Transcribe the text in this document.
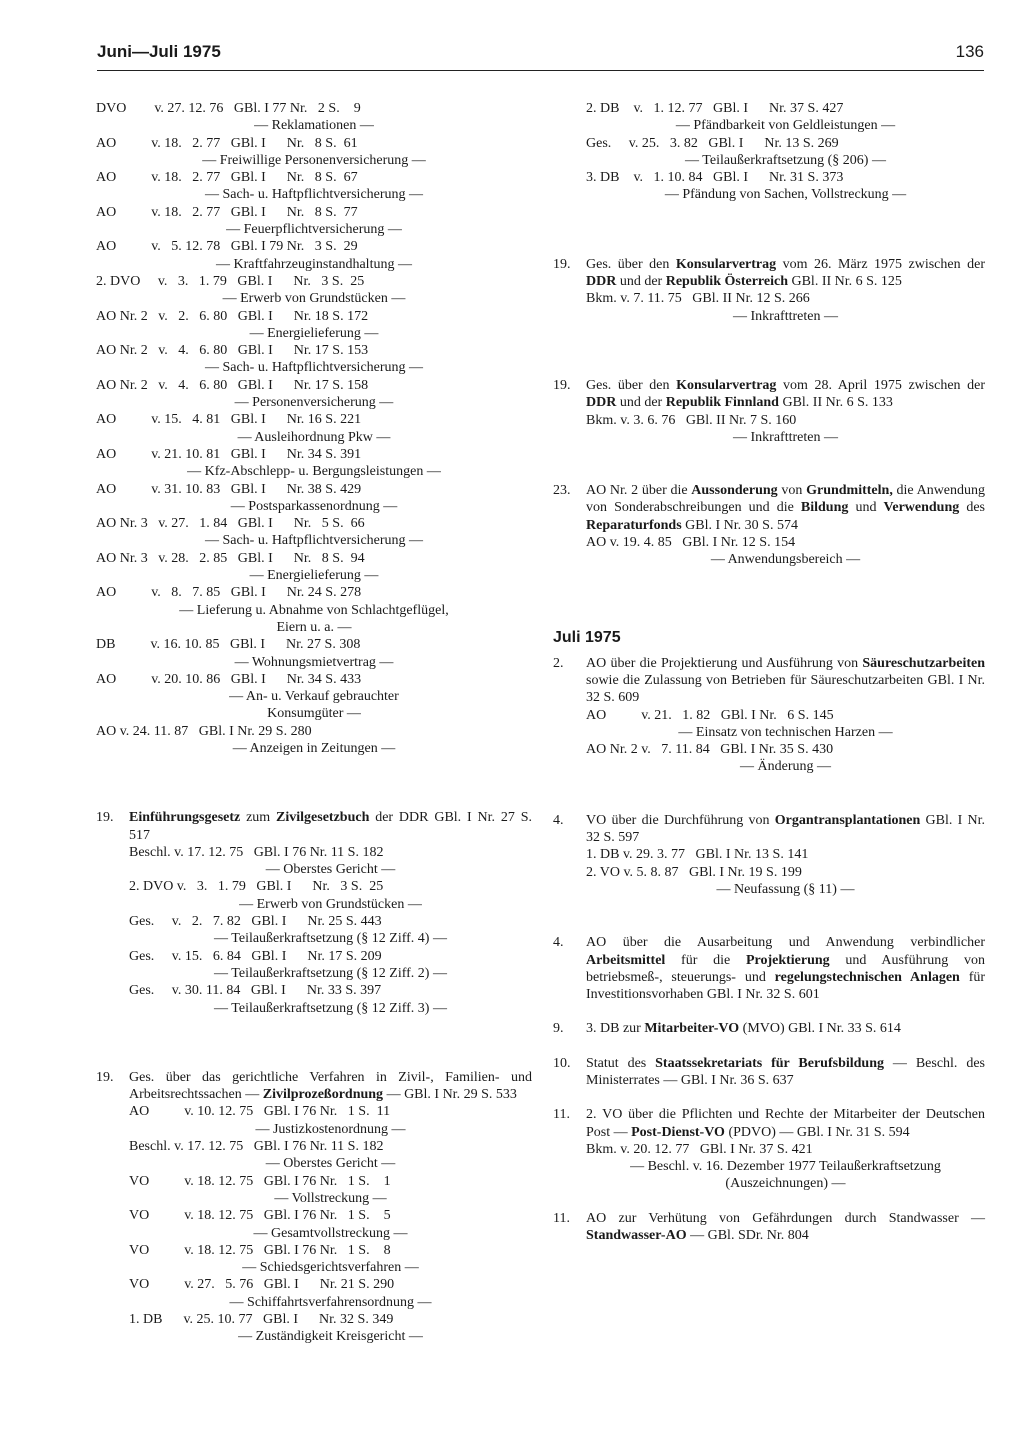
Juni—Juli 1975	136
DVO        v. 27. 12. 76   GBl. I 77 Nr.   2 S.    9
— Reklamationen —
AO          v. 18.   2. 77   GBl. I      Nr.   8 S.  61
— Freiwillige Personenversicherung —
AO          v. 18.   2. 77   GBl. I      Nr.   8 S.  67
— Sach- u. Haftpflichtversicherung —
AO          v. 18.   2. 77   GBl. I      Nr.   8 S.  77
— Feuerpflichtversicherung —
AO          v.   5. 12. 78   GBl. I 79 Nr.   3 S.  29
— Kraftfahrzeuginstandhaltung —
2. DVO     v.   3.   1. 79   GBl. I      Nr.   3 S.  25
— Erwerb von Grundstücken —
AO Nr. 2   v.   2.   6. 80   GBl. I      Nr. 18 S. 172
— Energielieferung —
AO Nr. 2   v.   4.   6. 80   GBl. I      Nr. 17 S. 153
— Sach- u. Haftpflichtversicherung —
AO Nr. 2   v.   4.   6. 80   GBl. I      Nr. 17 S. 158
— Personenversicherung —
AO          v. 15.   4. 81   GBl. I      Nr. 16 S. 221
— Ausleihordnung Pkw —
AO          v. 21. 10. 81   GBl. I      Nr. 34 S. 391
— Kfz-Abschlepp- u. Bergungsleistungen —
AO          v. 31. 10. 83   GBl. I      Nr. 38 S. 429
— Postsparkassenordnung —
AO Nr. 3   v. 27.   1. 84   GBl. I      Nr.   5 S.  66
— Sach- u. Haftpflichtversicherung —
AO Nr. 3   v. 28.   2. 85   GBl. I      Nr.   8 S.  94
— Energielieferung —
AO          v.   8.   7. 85   GBl. I      Nr. 24 S. 278
— Lieferung u. Abnahme von Schlachtgeflügel,
Eiern u. a. —
DB          v. 16. 10. 85   GBl. I      Nr. 27 S. 308
— Wohnungsmietvertrag —
AO          v. 20. 10. 86   GBl. I      Nr. 34 S. 433
— An- u. Verkauf gebrauchter
Konsumgüter —
AO v. 24. 11. 87   GBl. I Nr. 29 S. 280
— Anzeigen in Zeitungen —
19. Einführungsgesetz zum Zivilgesetzbuch der DDR GBl. I Nr. 27 S. 517
Beschl. v. 17. 12. 75   GBl. I 76 Nr. 11 S. 182
— Oberstes Gericht —
2. DVO v.   3.   1. 79   GBl. I      Nr.   3 S.  25
— Erwerb von Grundstücken —
Ges.     v.   2.   7. 82   GBl. I      Nr. 25 S. 443
— Teilaußerkraftsetzung (§ 12 Ziff. 4) —
Ges.     v. 15.   6. 84   GBl. I      Nr. 17 S. 209
— Teilaußerkraftsetzung (§ 12 Ziff. 2) —
Ges.     v. 30. 11. 84   GBl. I      Nr. 33 S. 397
— Teilaußerkraftsetzung (§ 12 Ziff. 3) —
19. Ges. über das gerichtliche Verfahren in Zivil-, Familien- und Arbeitsrechtssachen — Zivilprozeßordnung — GBl. I Nr. 29 S. 533
AO          v. 10. 12. 75   GBl. I 76 Nr.   1 S.  11
— Justizkostenordnung —
Beschl. v. 17. 12. 75   GBl. I 76 Nr. 11 S. 182
— Oberstes Gericht —
VO          v. 18. 12. 75   GBl. I 76 Nr.   1 S.    1
— Vollstreckung —
VO          v. 18. 12. 75   GBl. I 76 Nr.   1 S.    5
— Gesamtvollstreckung —
VO          v. 18. 12. 75   GBl. I 76 Nr.   1 S.    8
— Schiedsgerichtsverfahren —
VO          v. 27.   5. 76   GBl. I      Nr. 21 S. 290
— Schiffahrtsverfahrensordnung —
1. DB      v. 25. 10. 77   GBl. I      Nr. 32 S. 349
— Zuständigkeit Kreisgericht —
2. DB    v.   1. 12. 77   GBl. I      Nr. 37 S. 427
— Pfändbarkeit von Geldleistungen —
Ges.     v. 25.   3. 82   GBl. I      Nr. 13 S. 269
— Teilaußerkraftsetzung (§ 206) —
3. DB    v.   1. 10. 84   GBl. I      Nr. 31 S. 373
— Pfändung von Sachen, Vollstreckung —
19. Ges. über den Konsularvertrag vom 26. März 1975 zwischen der DDR und der Republik Österreich GBl. II Nr. 6 S. 125
Bkm. v. 7. 11. 75   GBl. II Nr. 12 S. 266
— Inkrafttreten —
19. Ges. über den Konsularvertrag vom 28. April 1975 zwischen der DDR und der Republik Finnland GBl. II Nr. 6 S. 133
Bkm. v. 3. 6. 76   GBl. II Nr. 7 S. 160
— Inkrafttreten —
23. AO Nr. 2 über die Aussonderung von Grundmitteln, die Anwendung von Sonderabschreibungen und die Bildung und Verwendung des Reparaturfonds GBl. I Nr. 30 S. 574
AO v. 19. 4. 85   GBl. I Nr. 12 S. 154
— Anwendungsbereich —
Juli 1975
2. AO über die Projektierung und Ausführung von Säureschutzarbeiten sowie die Zulassung von Betrieben für Säureschutzarbeiten GBl. I Nr. 32 S. 609
AO          v. 21.   1. 82   GBl. I Nr.   6 S. 145
— Einsatz von technischen Harzen —
AO Nr. 2 v.   7. 11. 84   GBl. I Nr. 35 S. 430
— Änderung —
4. VO über die Durchführung von Organtransplantationen GBl. I Nr. 32 S. 597
1. DB v. 29. 3. 77   GBl. I Nr. 13 S. 141
2. VO v. 5. 8. 87   GBl. I Nr. 19 S. 199
— Neufassung (§ 11) —
4. AO über die Ausarbeitung und Anwendung verbindlicher Arbeitsmittel für die Projektierung und Ausführung von betriebsmeß-, steuerungs- und regelungstechnischen Anlagen für Investitionsvorhaben GBl. I Nr. 32 S. 601
9. 3. DB zur Mitarbeiter-VO (MVO) GBl. I Nr. 33 S. 614
10. Statut des Staatssekretariats für Berufsbildung — Beschl. des Ministerrates — GBl. I Nr. 36 S. 637
11. 2. VO über die Pflichten und Rechte der Mitarbeiter der Deutschen Post — Post-Dienst-VO (PDVO) — GBl. I Nr. 31 S. 594
Bkm. v. 20. 12. 77   GBl. I Nr. 37 S. 421
— Beschl. v. 16. Dezember 1977 Teilaußerkraftsetzung
(Auszeichnungen) —
11. AO zur Verhütung von Gefährdungen durch Standwasser — Standwasser-AO — GBl. SDr. Nr. 804
